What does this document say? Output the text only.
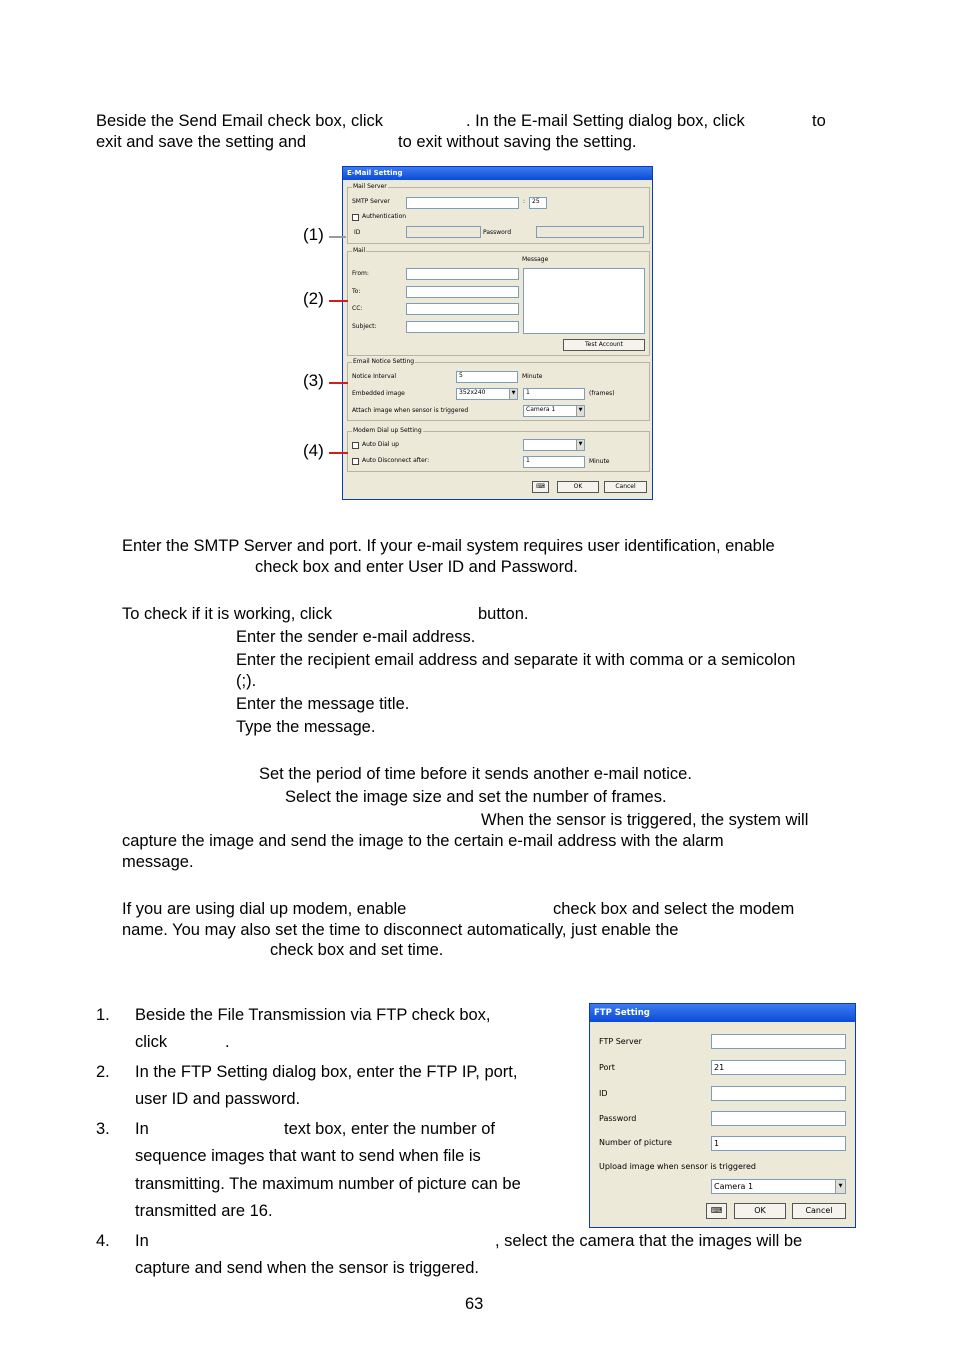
Beside the Send Email check box, click	. In the E-mail Setting dialog box, click	to
exit and save the setting and	to exit without saving the setting.
E-Mail Setting
Mail Server
SMTP Server	:	25
Authentication
ID	Password
Mail
Message
From:
To:
CC:
Subject:
Test Account
Email Notice Setting
Notice Interval	5	Minute
Embedded image	352x240	▼	1	(frames)
Attach image when sensor is triggered	Camera 1	▼
Modem Dial up Setting
Auto Dial up	▼
Auto Disconnect after:	1	Minute
⌨	OK	Cancel
(1)
(2)
(3)
(4)
Enter the SMTP Server and port. If your e-mail system requires user identification, enable
check box and enter User ID and Password.
To check if it is working, click	button.
Enter the sender e-mail address.
Enter the recipient email address and separate it with comma or a semicolon
(;).
Enter the message title.
Type the message.
Set the period of time before it sends another e-mail notice.
Select the image size and set the number of frames.
When the sensor is triggered, the system will
capture the image and send the image to the certain e-mail address with the alarm
message.
If you are using dial up modem, enable	check box and select the modem
name. You may also set the time to disconnect automatically, just enable the
check box and set time.
1. Beside the File Transmission via FTP check box,
click	.
2. In the FTP Setting dialog box, enter the FTP IP, port,
user ID and password.
3. In	text box, enter the number of
sequence images that want to send when file is
transmitting. The maximum number of picture can be
transmitted are 16.
4. In	, select the camera that the images will be
capture and send when the sensor is triggered.
FTP Setting
FTP Server
Port	21
ID
Password
Number of picture	1
Upload image when sensor is triggered
Camera 1	▼
⌨	OK	Cancel
63
